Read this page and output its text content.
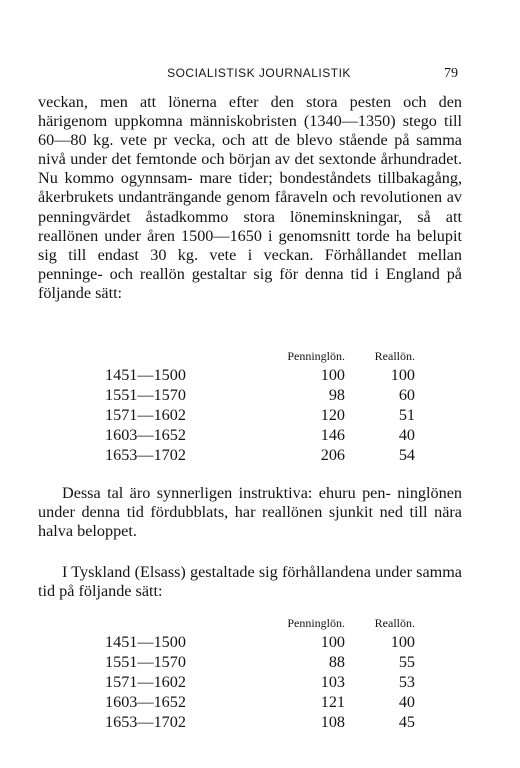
SOCIALISTISK JOURNALISTIK	79

veckan, men att lönerna efter den stora pesten och den härigenom uppkomna människobristen (1340—1350) stego till 60—80 kg. vete pr vecka, och att de blevo stående på samma nivå under det femtonde och början av det sextonde århundradet. Nu kommo ogynnsam- mare tider; bondeståndets tillbakagång, åkerbrukets undanträngande genom fåraveln och revolutionen av penningvärdet åstadkommo stora löneminskningar, så att reallönen under åren 1500—1650 i genomsnitt torde ha belupit sig till endast 30 kg. vete i veckan. Förhållandet mellan penninge- och reallön gestaltar sig för denna tid i England på följande sätt:

Penninglön.	Reallön.
1451—1500	100	100
1551—1570	98	60
1571—1602	120	51
1603—1652	146	40
1653—1702	206	54

Dessa tal äro synnerligen instruktiva: ehuru pen- ninglönen under denna tid fördubblats, har reallönen sjunkit ned till nära halva beloppet.

I Tyskland (Elsass) gestaltade sig förhållandena under samma tid på följande sätt:

Penninglön.	Reallön.
1451—1500	100	100
1551—1570	88	55
1571—1602	103	53
1603—1652	121	40
1653—1702	108	45
